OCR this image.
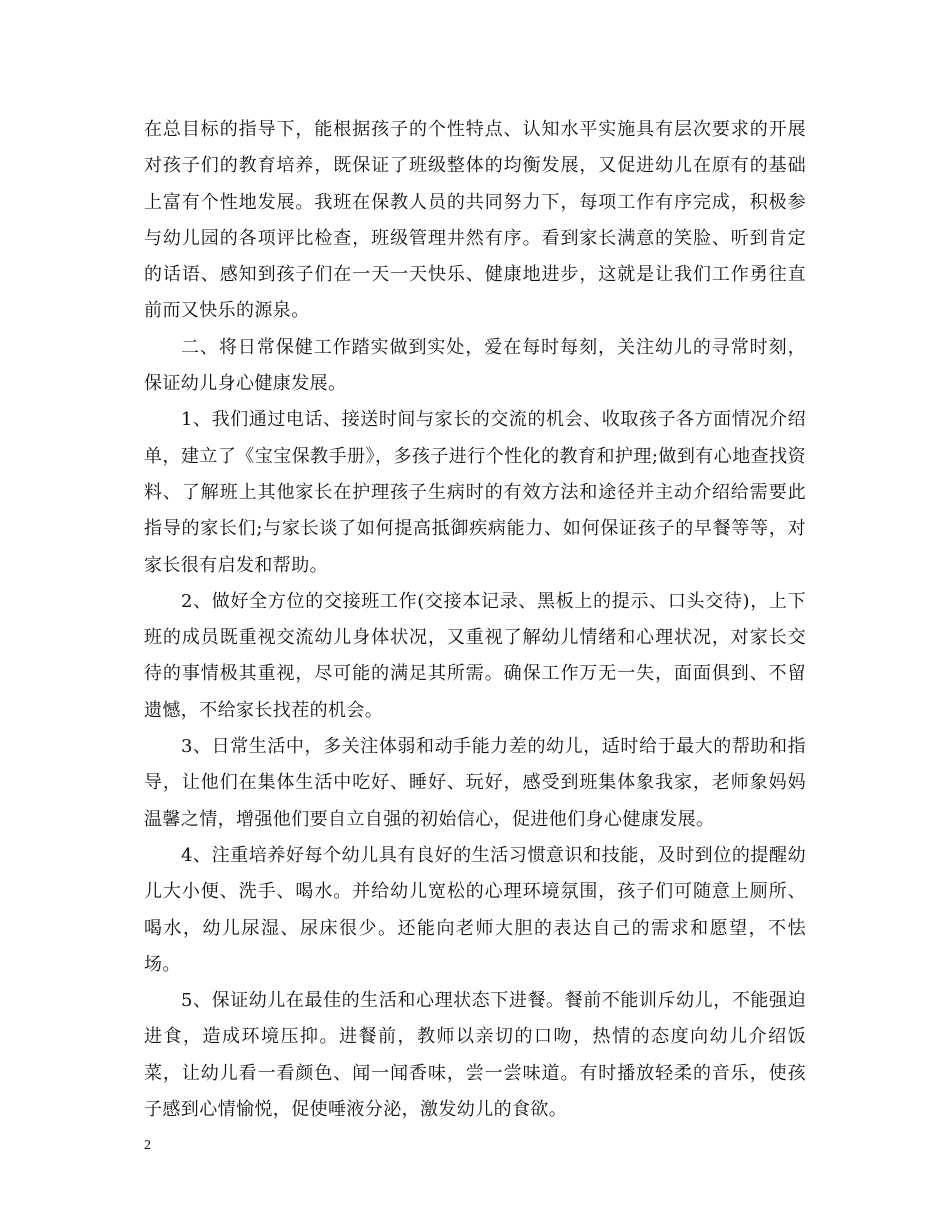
在总目标的指导下，能根据孩子的个性特点、认知水平实施具有层次要求的开展对孩子们的教育培养，既保证了班级整体的均衡发展，又促进幼儿在原有的基础上富有个性地发展。我班在保教人员的共同努力下，每项工作有序完成，积极参与幼儿园的各项评比检查，班级管理井然有序。看到家长满意的笑脸、听到肯定的话语、感知到孩子们在一天一天快乐、健康地进步，这就是让我们工作勇往直前而又快乐的源泉。

二、将日常保健工作踏实做到实处，爱在每时每刻，关注幼儿的寻常时刻，保证幼儿身心健康发展。

1、我们通过电话、接送时间与家长的交流的机会、收取孩子各方面情况介绍单，建立了《宝宝保教手册》，多孩子进行个性化的教育和护理;做到有心地查找资料、了解班上其他家长在护理孩子生病时的有效方法和途径并主动介绍给需要此指导的家长们;与家长谈了如何提高抵御疾病能力、如何保证孩子的早餐等等，对家长很有启发和帮助。

2、做好全方位的交接班工作(交接本记录、黑板上的提示、口头交待)，上下班的成员既重视交流幼儿身体状况，又重视了解幼儿情绪和心理状况，对家长交待的事情极其重视，尽可能的满足其所需。确保工作万无一失，面面俱到、不留遗憾，不给家长找茬的机会。

3、日常生活中，多关注体弱和动手能力差的幼儿，适时给于最大的帮助和指导，让他们在集体生活中吃好、睡好、玩好，感受到班集体象我家，老师象妈妈温馨之情，增强他们要自立自强的初始信心，促进他们身心健康发展。

4、注重培养好每个幼儿具有良好的生活习惯意识和技能，及时到位的提醒幼儿大小便、洗手、喝水。并给幼儿宽松的心理环境氛围，孩子们可随意上厕所、喝水，幼儿尿湿、尿床很少。还能向老师大胆的表达自己的需求和愿望，不怯场。

5、保证幼儿在最佳的生活和心理状态下进餐。餐前不能训斥幼儿，不能强迫进食，造成环境压抑。进餐前，教师以亲切的口吻，热情的态度向幼儿介绍饭菜，让幼儿看一看颜色、闻一闻香味，尝一尝味道。有时播放轻柔的音乐，使孩子感到心情愉悦，促使唾液分泌，激发幼儿的食欲。

2
